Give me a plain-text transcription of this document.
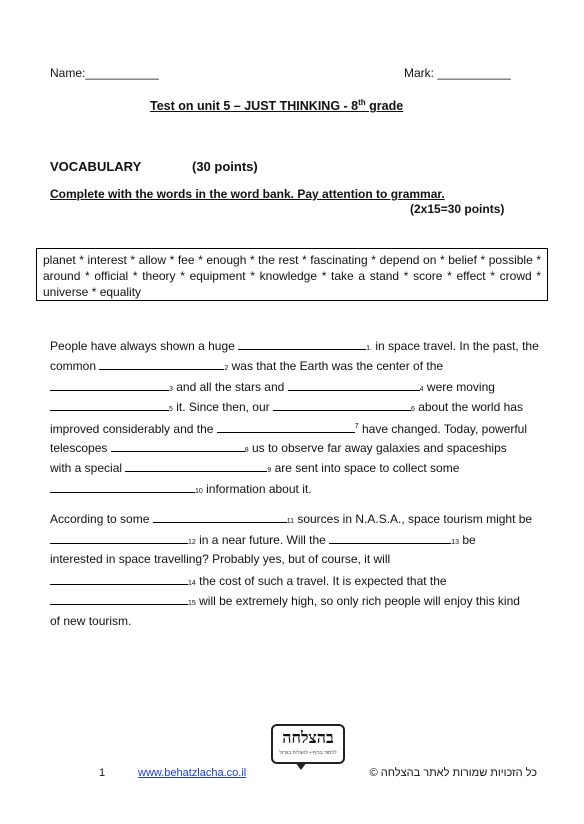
Name:___________	Mark: ___________
Test on unit 5 – JUST THINKING - 8th grade
VOCABULARY	(30 points)
Complete with the words in the word bank. Pay attention to grammar.
(2x15=30 points)
planet * interest * allow * fee * enough * the rest * fascinating * depend on * belief * possible * around * official * theory * equipment * knowledge * take a stand * score * effect * crowd * universe * equality
People have always shown a huge	1. in space travel. In the past, the
common	2 was that the Earth was the center of the
3 and all the stars and	4 were moving
5 it. Since then, our	6 about the world has
improved considerably and the	$^7$ have changed. Today, powerful
telescopes	8 us to observe far away galaxies and spaceships
with a special	9 are sent into space to collect some
10 information about it.
According to some	11 sources in N.A.S.A., space tourism might be
12 in a near future. Will the	13 be
interested in space travelling? Probably yes, but of course, it will
14 the cost of such a travel. It is expected that the
15 will be extremely high, so only rich people will enjoy this kind
of new tourism.
בהצלחה
ללמוד בכיף • להצליח בגדול
1	www.behatzlacha.co.il	כל הזכויות שמורות לאתר בהצלחה ©
